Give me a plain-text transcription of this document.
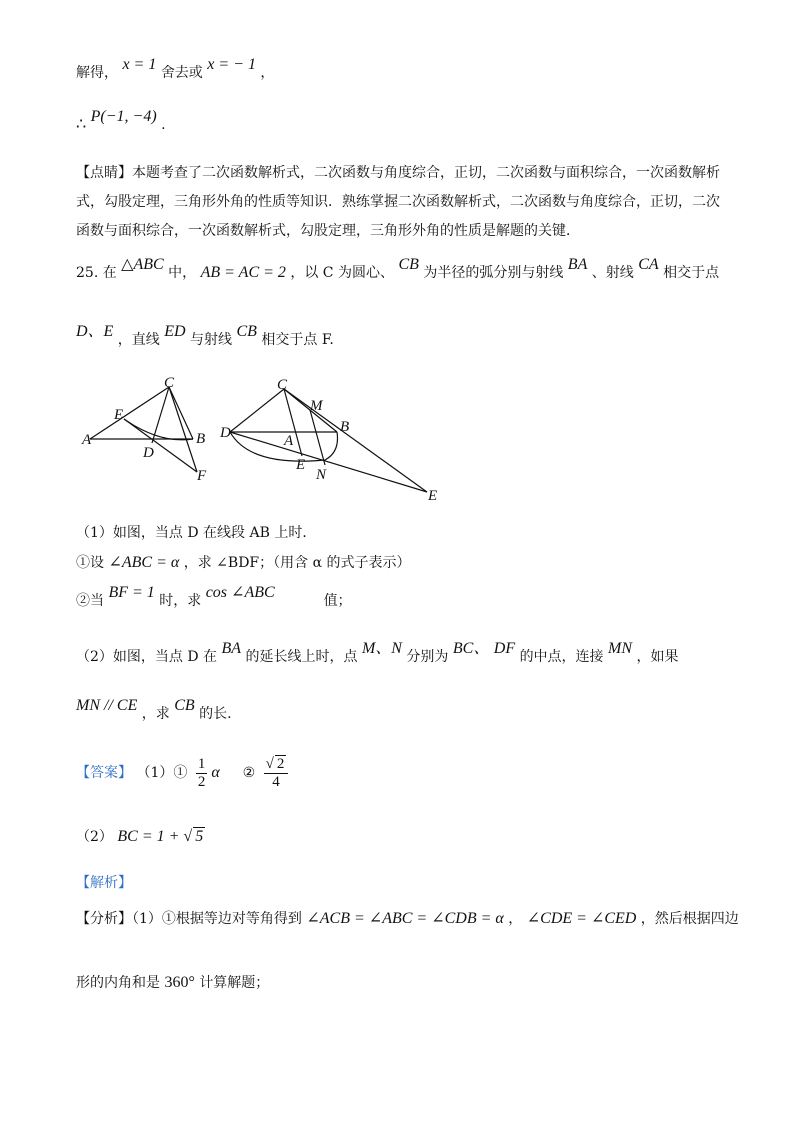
解得， x = 1 舍去或 x = − 1 ，
∴ P(−1, −4) .
【点睛】本题考查了二次函数解析式，二次函数与角度综合，正切，二次函数与面积综合，一次函数解析式，勾股定理，三角形外角的性质等知识．熟练掌握二次函数解析式，二次函数与角度综合，正切，二次函数与面积综合，一次函数解析式，勾股定理，三角形外角的性质是解题的关键．
25. 在 △ABC 中， AB = AC = 2 ，以 C 为圆心、 CB 为半径的弧分别与射线 BA 、射线 CA 相交于点
D、E ，直线 ED 与射线 CB 相交于点 F.
C
E
A
D
B
F
C
M
D	A
B
E
N
E
（1）如图，当点 D 在线段 AB 上时．
①设 ∠ABC = α ，求 ∠BDF；（用含 α 的式子表示）
②当 BF = 1 时，求 cos ∠ABC	值；
（2）如图，当点 D 在 BA 的延长线上时，点 M、N 分别为 BC、 DF 的中点，连接 MN ，如果
MN // CE ，求 CB 的长.
【答案】 （1）① $\frac{1}{2}$ α ② $\frac{√ 2}{4}$
（2） BC = 1 + √ 5
【解析】
【分析】（1）①根据等边对等角得到 ∠ACB = ∠ABC = ∠CDB = α ， ∠CDE = ∠CED ，然后根据四边
形的内角和是 360° 计算解题；
